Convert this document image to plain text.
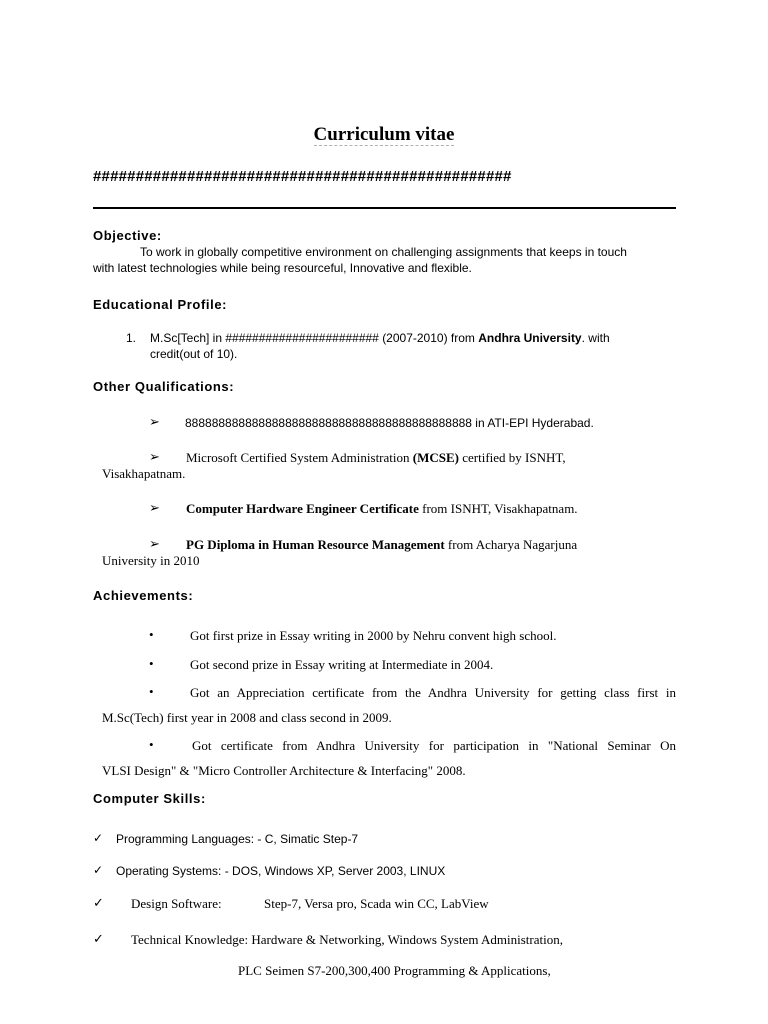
Curriculum vitae
#################################################
Objective:
To work in globally competitive environment on challenging assignments that keeps in touch
with latest technologies while being resourceful, Innovative and flexible.
Educational Profile:
1. M.Sc[Tech] in ####################### (2007-2010) from Andhra University. with
credit(out of 10).
Other Qualifications:
➢ 8888888888888888888888888888888888888888888 in ATI-EPI Hyderabad.
➢ Microsoft Certified System Administration (MCSE) certified by ISNHT,
Visakhapatnam.
➢ Computer Hardware Engineer Certificate from ISNHT, Visakhapatnam.
➢ PG Diploma in Human Resource Management from Acharya Nagarjuna
University in 2010
Achievements:
•	Got first prize in Essay writing in 2000 by Nehru convent high school.
•	Got second prize in Essay writing at Intermediate in 2004.
•	Got an Appreciation certificate from the Andhra University for getting class first in
M.Sc(Tech) first year in 2008 and class second in 2009.
•	Got certificate from Andhra University for participation in "National Seminar On
VLSI Design" & "Micro Controller Architecture & Interfacing" 2008.
Computer Skills:
✓ Programming Languages: - C, Simatic Step-7
✓ Operating Systems: - DOS, Windows XP, Server 2003, LINUX
✓ Design Software:	Step-7, Versa pro, Scada win CC, LabView
✓ Technical Knowledge: Hardware & Networking, Windows System Administration,
PLC Seimen S7-200,300,400 Programming & Applications,
